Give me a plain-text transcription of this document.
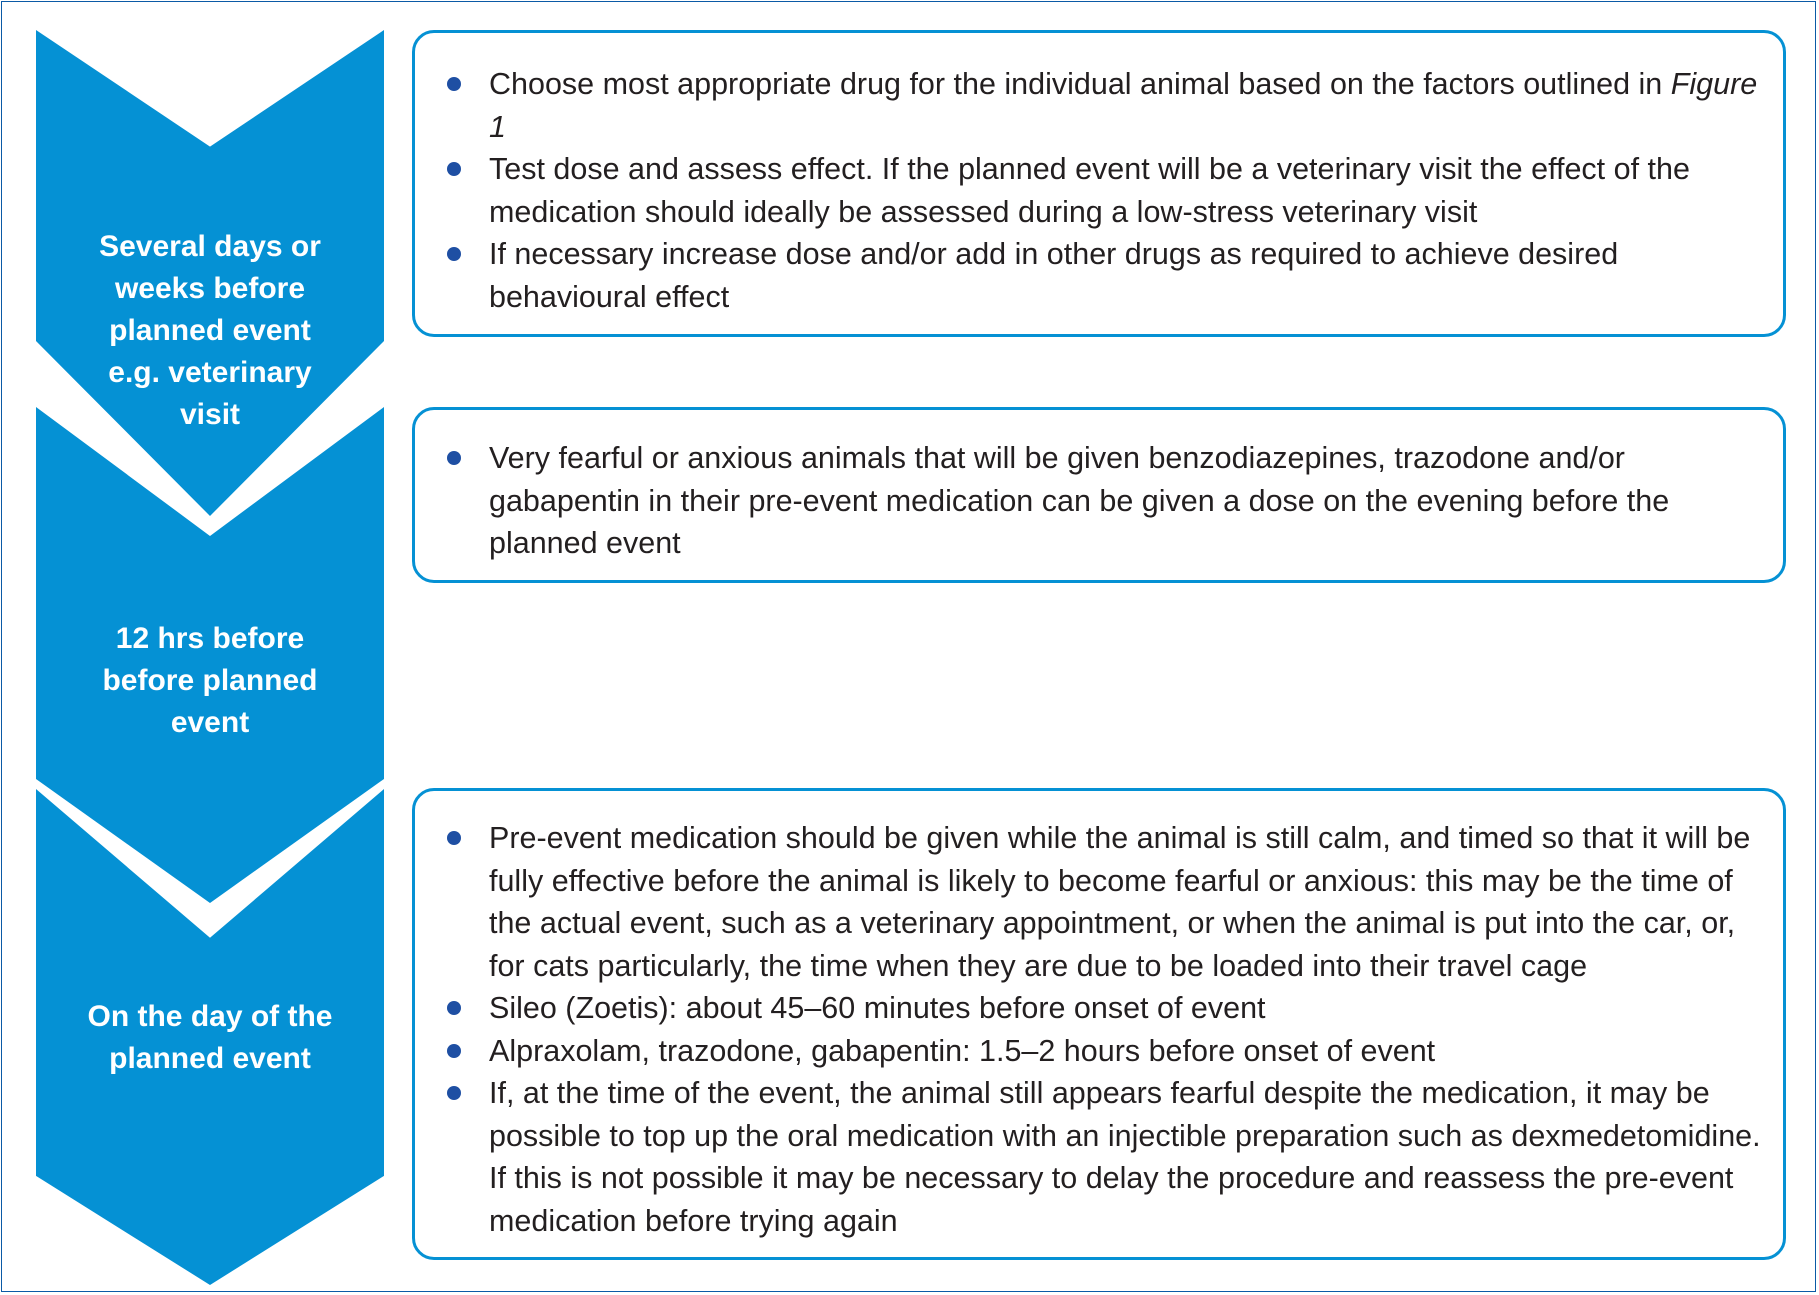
Several days or
weeks before
planned event
e.g. veterinary
visit
Choose most appropriate drug for the individual animal based on the factors outlined in Figure 1
Test dose and assess effect. If the planned event will be a veterinary visit the effect of the medication should ideally be assessed during a low-stress veterinary visit
If necessary increase dose and/or add in other drugs as required to achieve desired behavioural effect
12 hrs before
before planned
event
Very fearful or anxious animals that will be given benzodiazepines, trazodone and/or gabapentin in their pre-event medication can be given a dose on the evening before the planned event
On the day of the
planned event
Pre-event medication should be given while the animal is still calm, and timed so that it will be fully effective before the animal is likely to become fearful or anxious: this may be the time of the actual event, such as a veterinary appointment, or when the animal is put into the car, or, for cats particularly, the time when they are due to be loaded into their travel cage
Sileo (Zoetis): about 45–60 minutes before onset of event
Alpraxolam, trazodone, gabapentin: 1.5–2 hours before onset of event
If, at the time of the event, the animal still appears fearful despite the medication, it may be possible to top up the oral medication with an injectible preparation such as dexmedetomidine. If this is not possible it may be necessary to delay the procedure and reassess the pre-event medication before trying again
